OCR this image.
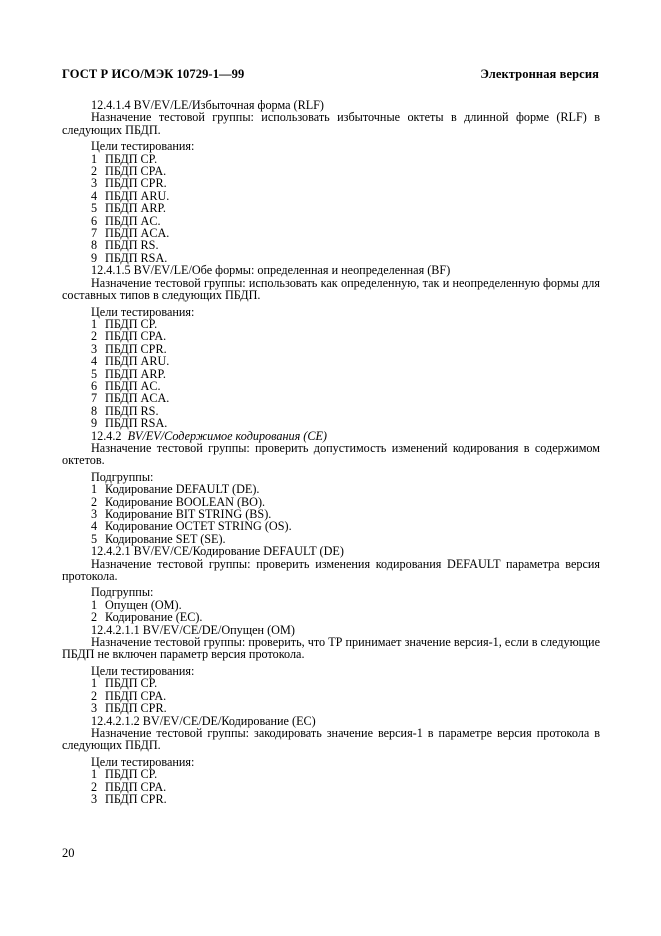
ГОСТ Р ИСО/МЭК 10729-1—99	Электронная версия
12.4.1.4 BV/EV/LE/Избыточная форма (RLF)
Назначение тестовой группы: использовать избыточные октеты в длинной форме (RLF) в следующих ПБДП.
Цели тестирования:
1 ПБДП CP.
2 ПБДП CPA.
3 ПБДП CPR.
4 ПБДП ARU.
5 ПБДП ARP.
6 ПБДП AC.
7 ПБДП ACA.
8 ПБДП RS.
9 ПБДП RSA.
12.4.1.5 BV/EV/LE/Обе формы: определенная и неопределенная (BF)
Назначение тестовой группы: использовать как определенную, так и неопределенную формы для составных типов в следующих ПБДП.
Цели тестирования:
1 ПБДП CP.
2 ПБДП CPA.
3 ПБДП CPR.
4 ПБДП ARU.
5 ПБДП ARP.
6 ПБДП AC.
7 ПБДП ACA.
8 ПБДП RS.
9 ПБДП RSA.
12.4.2 BV/EV/Содержимое кодирования (CE)
Назначение тестовой группы: проверить допустимость изменений кодирования в содержимом октетов.
Подгруппы:
1 Кодирование DEFAULT (DE).
2 Кодирование BOOLEAN (BO).
3 Кодирование BIT STRING (BS).
4 Кодирование OCTET STRING (OS).
5 Кодирование SET (SE).
12.4.2.1 BV/EV/CE/Кодирование DEFAULT (DE)
Назначение тестовой группы: проверить изменения кодирования DEFAULT параметра версия протокола.
Подгруппы:
1 Опущен (OM).
2 Кодирование (EC).
12.4.2.1.1 BV/EV/CE/DE/Опущен (OM)
Назначение тестовой группы: проверить, что ТР принимает значение версия-1, если в следующие ПБДП не включен параметр версия протокола.
Цели тестирования:
1 ПБДП CP.
2 ПБДП CPA.
3 ПБДП CPR.
12.4.2.1.2 BV/EV/CE/DE/Кодирование (EC)
Назначение тестовой группы: закодировать значение версия-1 в параметре версия протокола в следующих ПБДП.
Цели тестирования:
1 ПБДП CP.
2 ПБДП CPA.
3 ПБДП CPR.
20
